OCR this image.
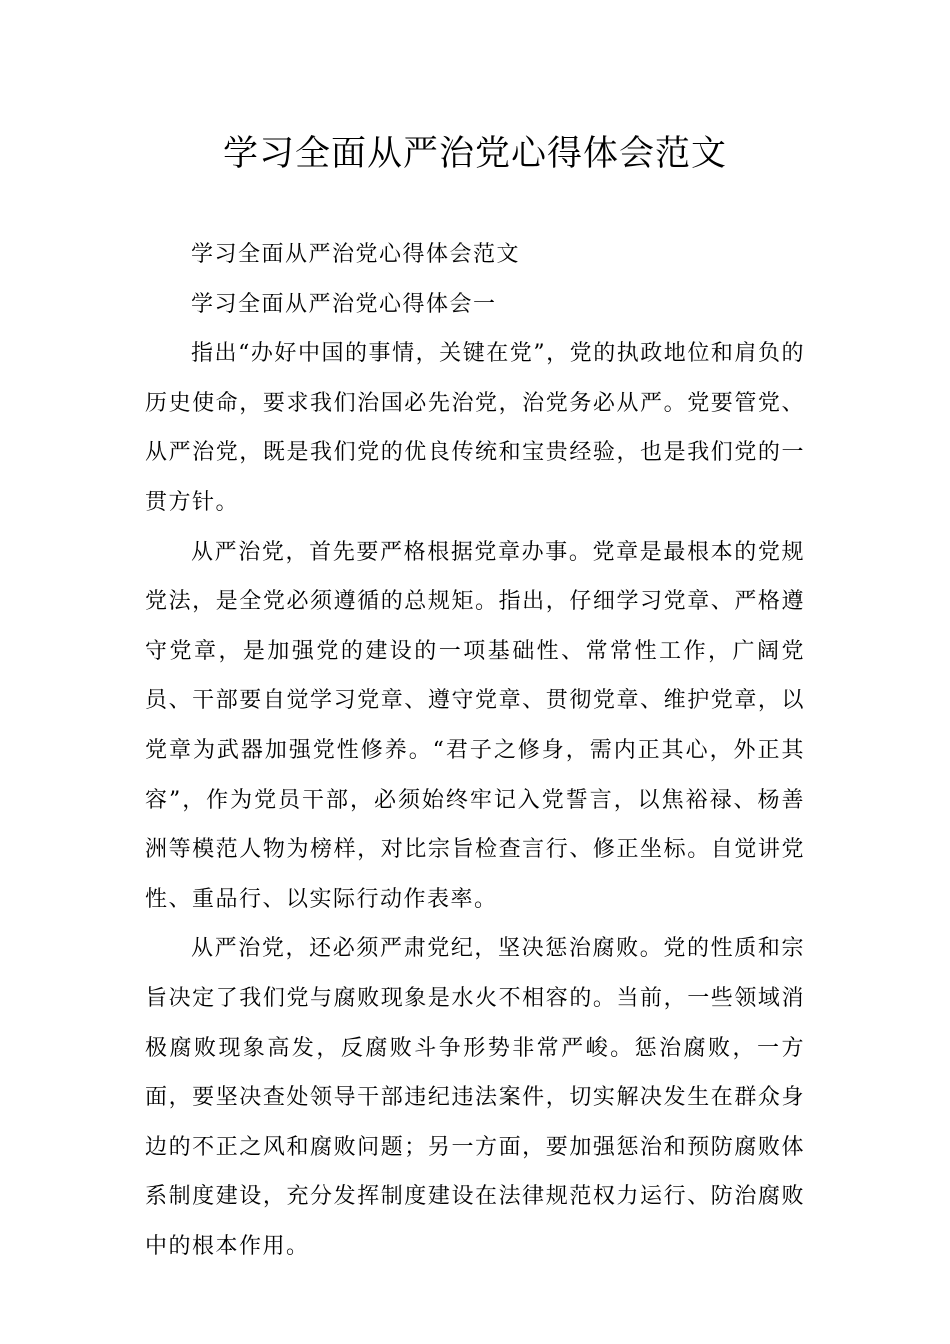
学习全面从严治党心得体会范文

学习全面从严治党心得体会范文

学习全面从严治党心得体会一

指出“办好中国的事情，关键在党”，党的执政地位和肩负的历史使命，要求我们治国必先治党，治党务必从严。党要管党、从严治党，既是我们党的优良传统和宝贵经验，也是我们党的一贯方针。

从严治党，首先要严格根据党章办事。党章是最根本的党规党法，是全党必须遵循的总规矩。指出，仔细学习党章、严格遵守党章，是加强党的建设的一项基础性、常常性工作，广阔党员、干部要自觉学习党章、遵守党章、贯彻党章、维护党章，以党章为武器加强党性修养。“君子之修身，需内正其心，外正其容”，作为党员干部，必须始终牢记入党誓言，以焦裕禄、杨善洲等模范人物为榜样，对比宗旨检查言行、修正坐标。自觉讲党性、重品行、以实际行动作表率。

从严治党，还必须严肃党纪，坚决惩治腐败。党的性质和宗旨决定了我们党与腐败现象是水火不相容的。当前，一些领域消极腐败现象高发，反腐败斗争形势非常严峻。惩治腐败，一方面，要坚决查处领导干部违纪违法案件，切实解决发生在群众身边的不正之风和腐败问题；另一方面，要加强惩治和预防腐败体系制度建设，充分发挥制度建设在法律规范权力运行、防治腐败中的根本作用。
